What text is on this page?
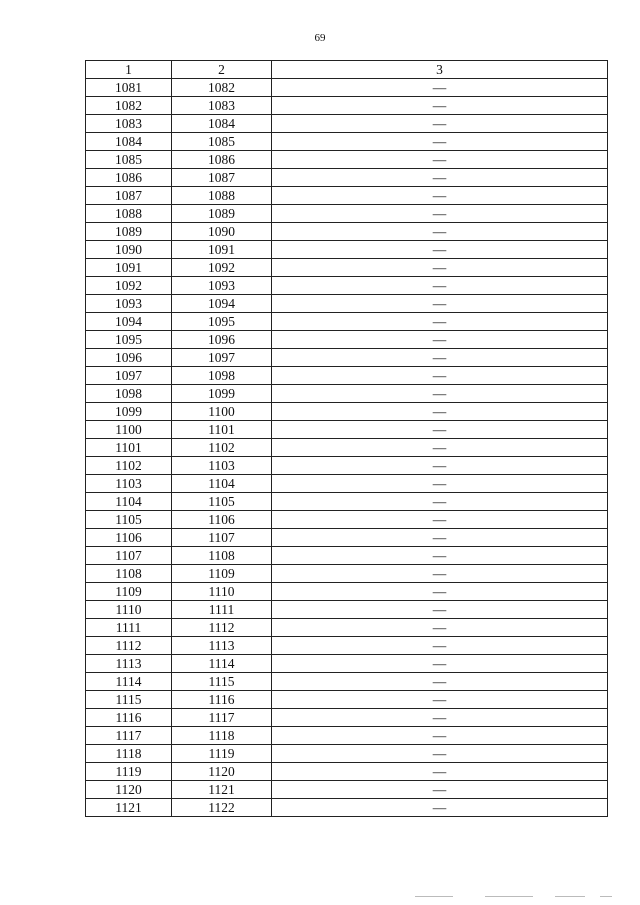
69
1	2	3
1081	1082	—
1082	1083	—
1083	1084	—
1084	1085	—
1085	1086	—
1086	1087	—
1087	1088	—
1088	1089	—
1089	1090	—
1090	1091	—
1091	1092	—
1092	1093	—
1093	1094	—
1094	1095	—
1095	1096	—
1096	1097	—
1097	1098	—
1098	1099	—
1099	1100	—
1100	1101	—
1101	1102	—
1102	1103	—
1103	1104	—
1104	1105	—
1105	1106	—
1106	1107	—
1107	1108	—
1108	1109	—
1109	1110	—
1110	1111	—
1111	1112	—
1112	1113	—
1113	1114	—
1114	1115	—
1115	1116	—
1116	1117	—
1117	1118	—
1118	1119	—
1119	1120	—
1120	1121	—
1121	1122	—
